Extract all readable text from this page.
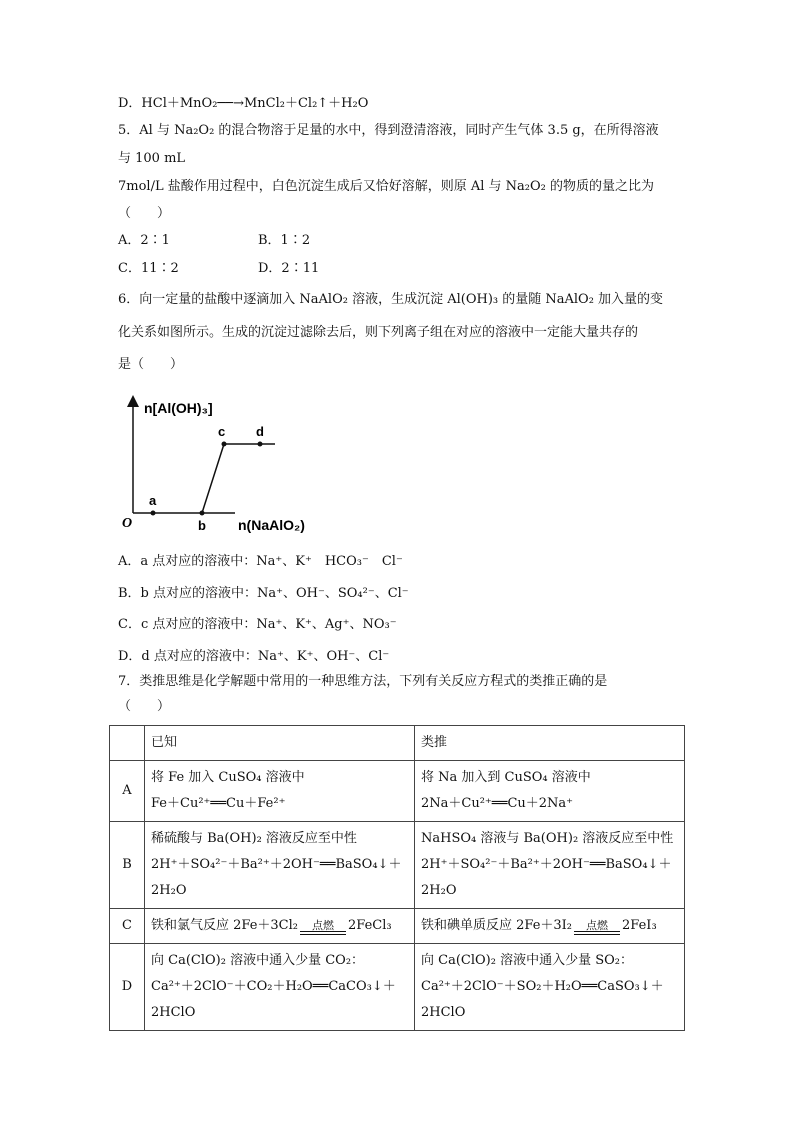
D．HCl＋MnO₂──→MnCl₂＋Cl₂↑＋H₂O
5．Al 与 Na₂O₂ 的混合物溶于足量的水中，得到澄清溶液，同时产生气体 3.5 g，在所得溶液
与 100 mL
7mol/L 盐酸作用过程中，白色沉淀生成后又恰好溶解，则原 Al 与 Na₂O₂ 的物质的量之比为
（　　）
A．2∶1	B．1∶2
C．11∶2	D．2∶11
6．向一定量的盐酸中逐滴加入 NaAlO₂ 溶液，生成沉淀 Al(OH)₃ 的量随 NaAlO₂ 加入量的变
化关系如图所示。生成的沉淀过滤除去后，则下列离子组在对应的溶液中一定能大量共存的
是（　　）
n[Al(OH)₃]
O
a
b
c d
n(NaAlO₂)
A．a 点对应的溶液中：Na⁺、K⁺　HCO₃⁻　Cl⁻
B．b 点对应的溶液中：Na⁺、OH⁻、SO₄²⁻、Cl⁻
C．c 点对应的溶液中：Na⁺、K⁺、Ag⁺、NO₃⁻
D．d 点对应的溶液中：Na⁺、K⁺、OH⁻、Cl⁻
7．类推思维是化学解题中常用的一种思维方法，下列有关反应方程式的类推正确的是
（　　）
	已知	类推
A	将 Fe 加入 CuSO₄ 溶液中
Fe＋Cu²⁺══Cu＋Fe²⁺	将 Na 加入到 CuSO₄ 溶液中
2Na＋Cu²⁺══Cu＋2Na⁺

B	稀硫酸与 Ba(OH)₂ 溶液反应至中性
2H⁺＋SO₄²⁻＋Ba²⁺＋2OH⁻══BaSO₄↓＋
2H₂O	NaHSO₄ 溶液与 Ba(OH)₂ 溶液反应至中性
2H⁺＋SO₄²⁻＋Ba²⁺＋2OH⁻══BaSO₄↓＋
2H₂O

C	铁和氯气反应 2Fe＋3Cl₂ 点燃 2FeCl₃	铁和碘单质反应 2Fe＋3I₂ 点燃 2FeI₃
D	向 Ca(ClO)₂ 溶液中通入少量 CO₂：
Ca²⁺＋2ClO⁻＋CO₂＋H₂O══CaCO₃↓＋
2HClO	向 Ca(ClO)₂ 溶液中通入少量 SO₂：
Ca²⁺＋2ClO⁻＋SO₂＋H₂O══CaSO₃↓＋
2HClO
